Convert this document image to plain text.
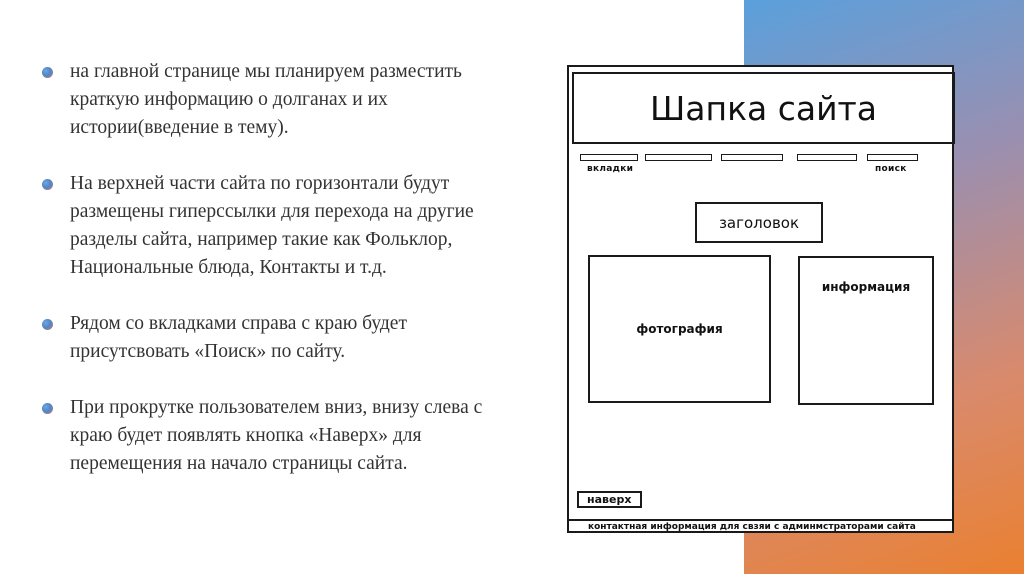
на главной странице мы планируем разместить краткую информацию о долганах и их истории(введение в тему).
На верхней части сайта по горизонтали будут размещены гиперссылки для перехода на другие разделы сайта, например такие как Фольклор, Национальные блюда, Контакты и т.д.
Рядом со вкладками справа с краю будет присутсвовать «Поиск» по сайту.
При прокрутке пользователем вниз, внизу слева с краю будет появлять кнопка «Наверх» для перемещения на начало страницы сайта.
Шапка сайта
вкладки	поиск
заголовок
фотография
информация
наверх
контактная информация для свзяи с админмстраторами сайта
